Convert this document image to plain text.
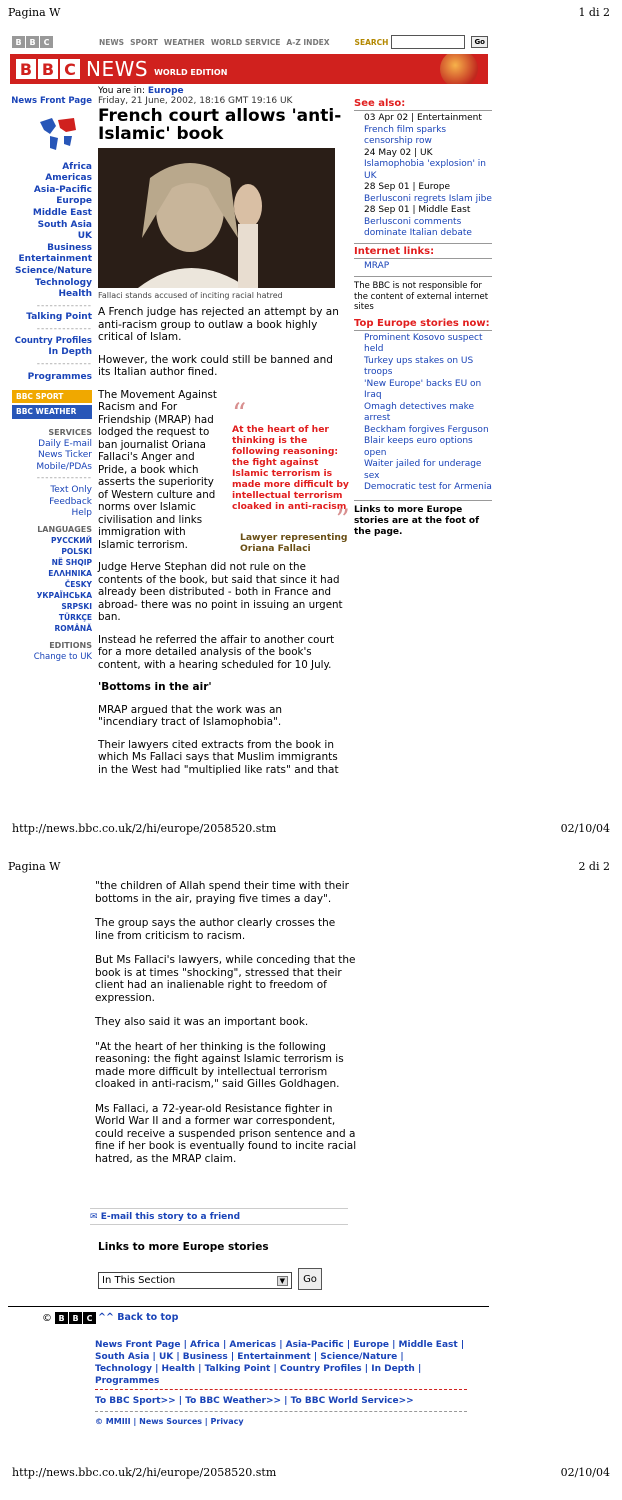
Pagina W	1 di 2
B B	C	NEWS SPORT WEATHER WORLD SERVICE A-Z INDEX	SEARCH	Go
B B C NEWS WORLD EDITION
News Front Page
Africa
Americas
Asia-Pacific
Europe
Middle East
South Asia
UK
Business
Entertainment
Science/Nature
Technology
Health
-------------
Talking Point
-------------
Country Profiles
In Depth
-------------
Programmes
BBC SPORT
BBC WEATHER
SERVICES
Daily E-mail
News Ticker
Mobile/PDAs
-------------
Text Only
Feedback
Help
LANGUAGES
РУССКИЙ
POLSKI
NË SHQIP
ΕΛΛΗΝΙΚΑ
ČESKY
УКРАЇНСЬКА
SRPSKI
TÜRKÇE
ROMÂNĂ
EDITIONS
Change to UK
You are in: Europe
Friday, 21 June, 2002, 18:16 GMT 19:16 UK
French court allows 'anti-Islamic' book
Fallaci stands accused of inciting racial hatred

A French judge has rejected an attempt by an anti-racism group to outlaw a book highly critical of Islam.

However, the work could still be banned and its Italian author fined.

The Movement Against Racism and For Friendship (MRAP) had lodged the request to ban journalist Oriana Fallaci's Anger and Pride, a book which asserts the superiority of Western culture and norms over Islamic civilisation and links immigration with Islamic terrorism.

Judge Herve Stephan did not rule on the contents of the book, but said that since it had already been distributed - both in France and abroad- there was no point in issuing an urgent ban.

Instead he referred the affair to another court for a more detailed analysis of the book's content, with a hearing scheduled for 10 July.

'Bottoms in the air'

MRAP argued that the work was an "incendiary tract of Islamophobia".

Their lawyers cited extracts from the book in which Ms Fallaci says that Muslim immigrants in the West had "multiplied like rats" and that

“
At the heart of her thinking is the following reasoning: the fight against Islamic terrorism is made more difficult by intellectual terrorism cloaked in anti-racism
”
Lawyer representing Oriana Fallaci
See also:
03 Apr 02 | Entertainment
French film sparks censorship row
24 May 02 | UK
Islamophobia 'explosion' in UK
28 Sep 01 | Europe
Berlusconi regrets Islam jibe
28 Sep 01 | Middle East
Berlusconi comments dominate Italian debate
Internet links:
MRAP
The BBC is not responsible for the content of external internet sites
Top Europe stories now:
Prominent Kosovo suspect held
Turkey ups stakes on US troops
'New Europe' backs EU on Iraq
Omagh detectives make arrest
Beckham forgives Ferguson
Blair keeps euro options open
Waiter jailed for underage sex
Democratic test for Armenia
Links to more Europe stories are at the foot of the page.
http://news.bbc.co.uk/2/hi/europe/2058520.stm	02/10/04
Pagina W	2 di 2

"the children of Allah spend their time with their bottoms in the air, praying five times a day".

The group says the author clearly crosses the line from criticism to racism.

But Ms Fallaci's lawyers, while conceding that the book is at times "shocking", stressed that their client had an inalienable right to freedom of expression.

They also said it was an important book.

"At the heart of her thinking is the following reasoning: the fight against Islamic terrorism is made more difficult by intellectual terrorism cloaked in anti-racism," said Gilles Goldhagen.

Ms Fallaci, a 72-year-old Resistance fighter in World War II and a former war correspondent, could receive a suspended prison sentence and a fine if her book is eventually found to incite racial hatred, as the MRAP claim.

✉ E-mail this story to a friend
Links to more Europe stories
In This Section	▼	Go
© B B	C ^^ Back to top
News Front Page | Africa | Americas | Asia-Pacific | Europe | Middle East |
South Asia | UK | Business | Entertainment | Science/Nature |
Technology | Health | Talking Point | Country Profiles | In Depth |
Programmes
To BBC Sport>> | To BBC Weather>> | To BBC World Service>>
© MMIII | News Sources | Privacy
http://news.bbc.co.uk/2/hi/europe/2058520.stm	02/10/04
